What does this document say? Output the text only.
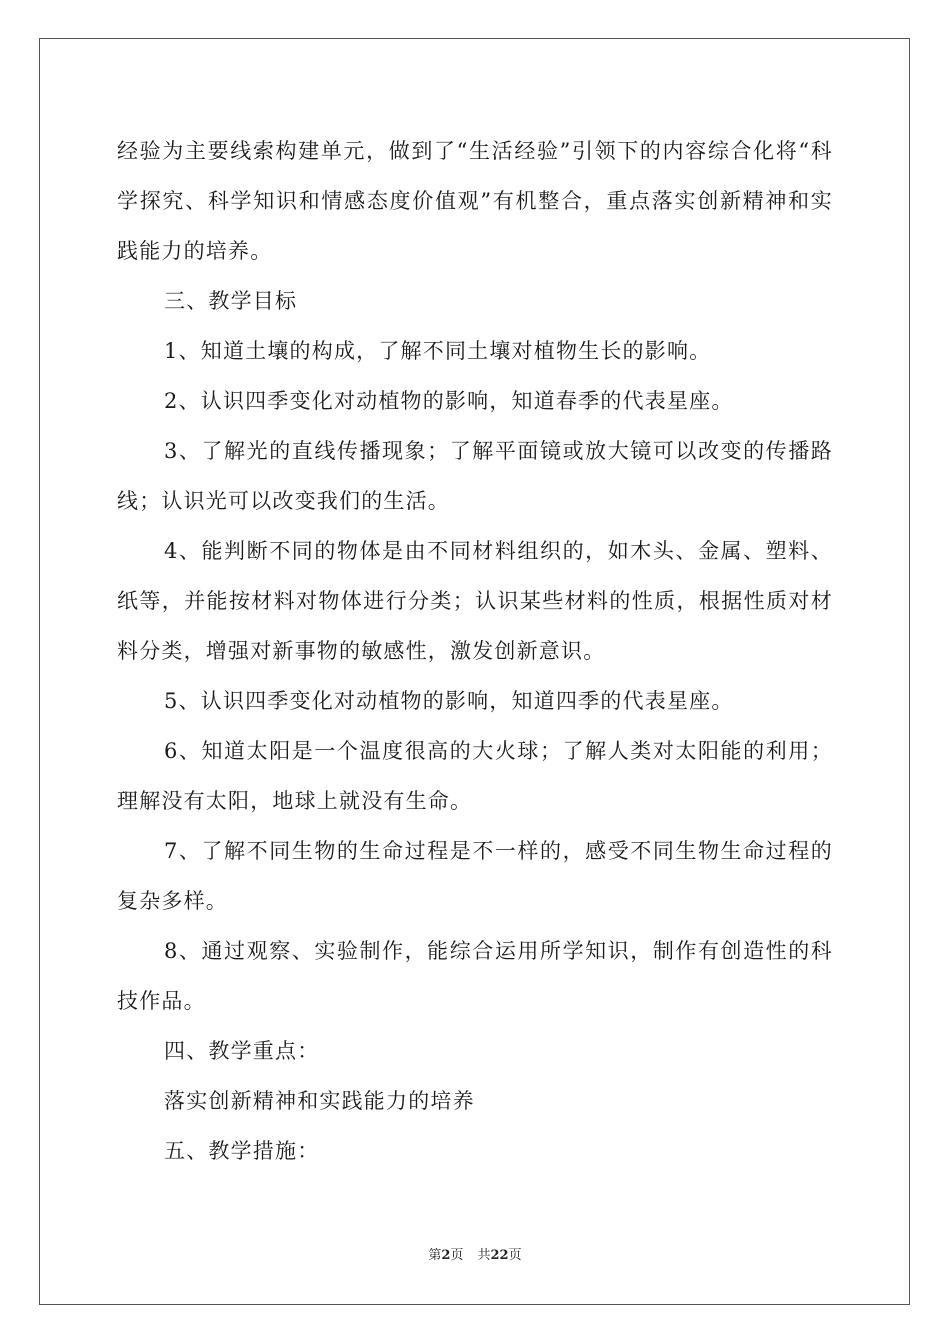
经验为主要线索构建单元，做到了“生活经验”引领下的内容综合化将“科学探究、科学知识和情感态度价值观”有机整合，重点落实创新精神和实践能力的培养。

三、教学目标

1、知道土壤的构成，了解不同土壤对植物生长的影响。

2、认识四季变化对动植物的影响，知道春季的代表星座。

3、了解光的直线传播现象；了解平面镜或放大镜可以改变的传播路线；认识光可以改变我们的生活。

4、能判断不同的物体是由不同材料组织的，如木头、金属、塑料、纸等，并能按材料对物体进行分类；认识某些材料的性质，根据性质对材料分类，增强对新事物的敏感性，激发创新意识。

5、认识四季变化对动植物的影响，知道四季的代表星座。

6、知道太阳是一个温度很高的大火球；了解人类对太阳能的利用；理解没有太阳，地球上就没有生命。

7、了解不同生物的生命过程是不一样的，感受不同生物生命过程的复杂多样。

8、通过观察、实验制作，能综合运用所学知识，制作有创造性的科技作品。

四、教学重点：

落实创新精神和实践能力的培养

五、教学措施：

第2页 共22页
